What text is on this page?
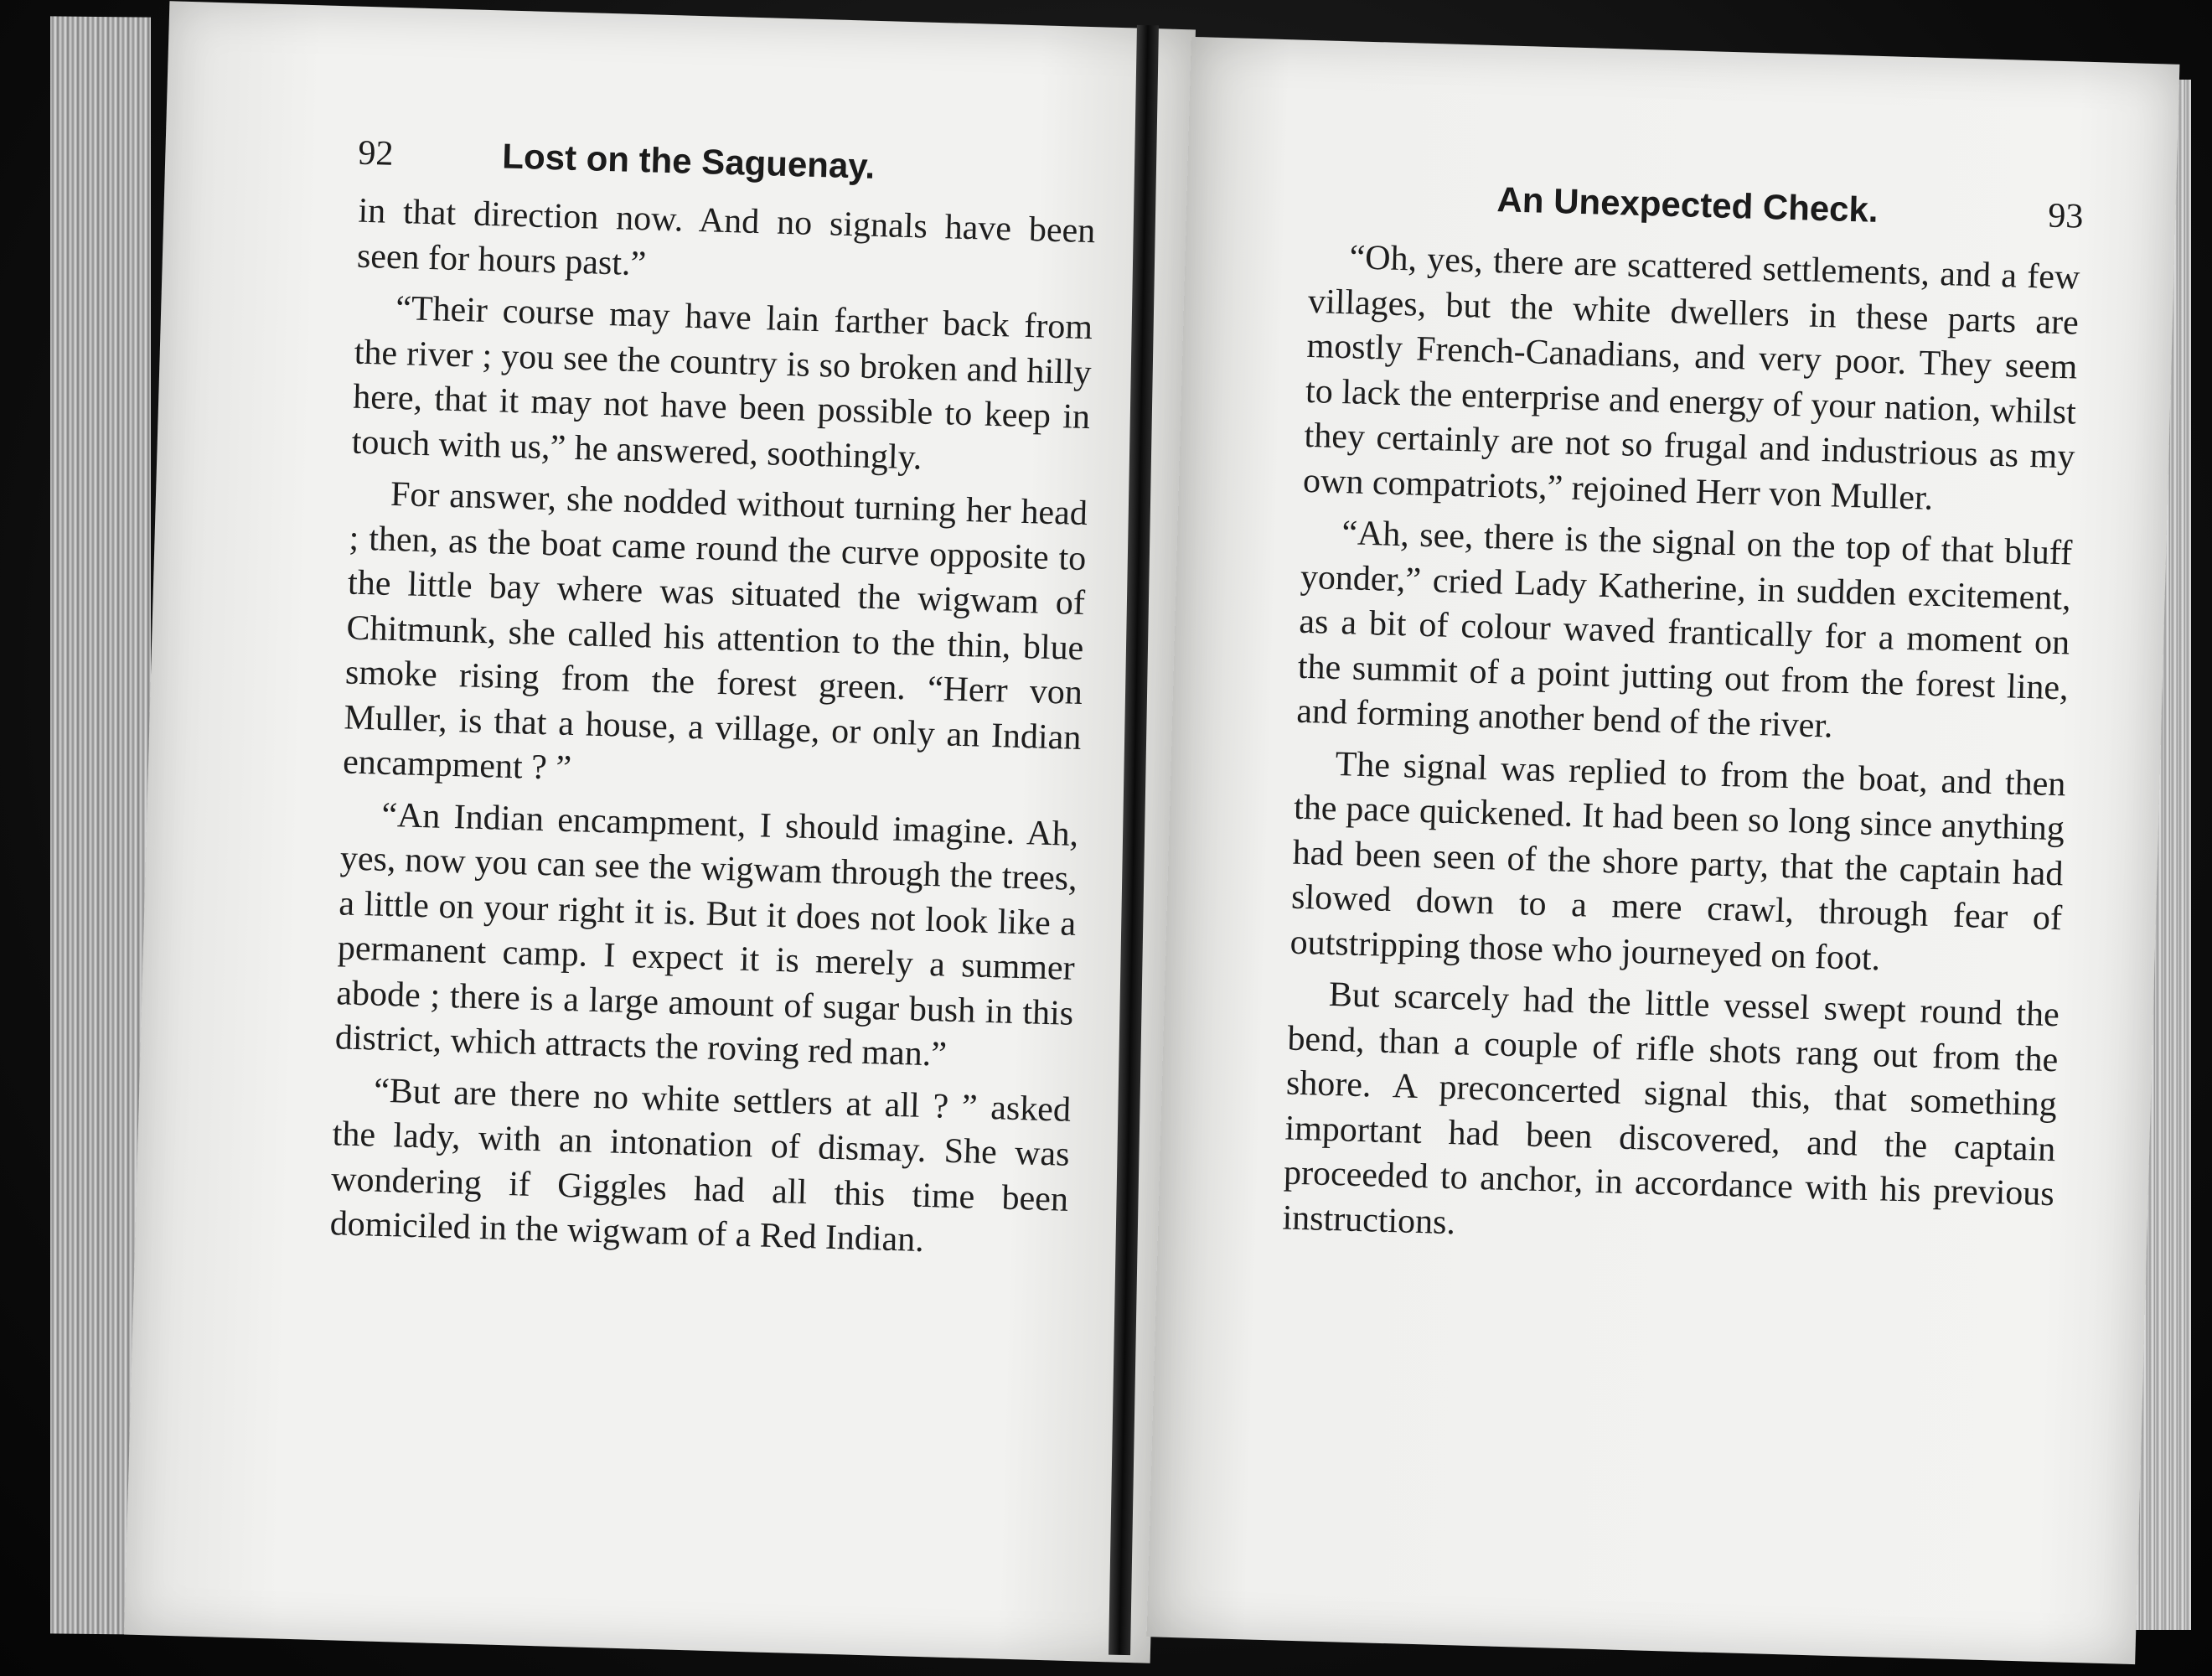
92	Lost on the Saguenay.

in that direction now. And no signals have been seen for hours past.”

“Their course may have lain farther back from the river ; you see the country is so broken and hilly here, that it may not have been possible to keep in touch with us,” he answered, soothingly.

For answer, she nodded without turning her head ; then, as the boat came round the curve opposite to the little bay where was situated the wigwam of Chitmunk, she called his attention to the thin, blue smoke rising from the forest green. “Herr von Muller, is that a house, a village, or only an Indian encampment ? ”

“An Indian encampment, I should imagine. Ah, yes, now you can see the wigwam through the trees, a little on your right it is. But it does not look like a permanent camp. I expect it is merely a summer abode ; there is a large amount of sugar bush in this district, which attracts the roving red man.”

“But are there no white settlers at all ? ” asked the lady, with an intonation of dismay. She was wondering if Giggles had all this time been domiciled in the wigwam of a Red Indian.

An Unexpected Check.	93

“Oh, yes, there are scattered settlements, and a few villages, but the white dwellers in these parts are mostly French-Canadians, and very poor. They seem to lack the enterprise and energy of your nation, whilst they certainly are not so frugal and industrious as my own compatriots,” rejoined Herr von Muller.

“Ah, see, there is the signal on the top of that bluff yonder,” cried Lady Katherine, in sudden excitement, as a bit of colour waved frantically for a moment on the summit of a point jutting out from the forest line, and forming another bend of the river.

The signal was replied to from the boat, and then the pace quickened. It had been so long since anything had been seen of the shore party, that the captain had slowed down to a mere crawl, through fear of outstripping those who journeyed on foot.

But scarcely had the little vessel swept round the bend, than a couple of rifle shots rang out from the shore. A preconcerted signal this, that something important had been discovered, and the captain proceeded to anchor, in accordance with his previous instructions.
